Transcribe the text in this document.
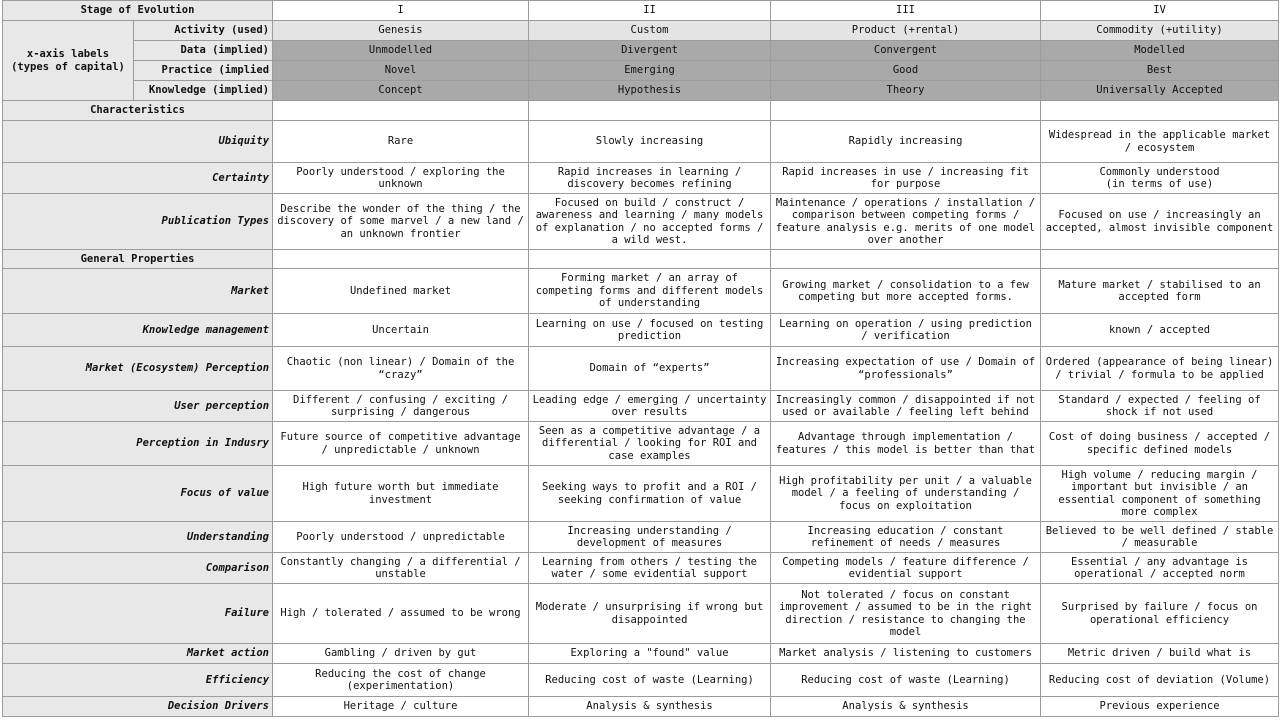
Stage of Evolution		I	II	III	IV
x-axis labels
(types of capital)	Activity (used)	Genesis	Custom	Product (+rental)	Commodity (+utility)
	Data (implied)	Unmodelled	Divergent	Convergent	Modelled
	Practice (implied	Novel	Emerging	Good	Best
	Knowledge (implied)	Concept	Hypothesis	Theory	Universally Accepted
Characteristics					
Ubiquity		Rare	Slowly increasing	Rapidly increasing	Widespread in the applicable market / ecosystem
Certainty		Poorly understood / exploring the unknown	Rapid increases in learning / discovery becomes refining	Rapid increases in use / increasing fit for purpose	Commonly understood
(in terms of use)
Publication Types		Describe the wonder of the thing / the discovery of some marvel / a new land / an unknown frontier	Focused on build / construct / awareness and learning / many models of explanation / no accepted forms / a wild west.	Maintenance / operations / installation / comparison between competing forms / feature analysis e.g. merits of one model over another	Focused on use / increasingly an accepted, almost invisible component
General Properties					
Market		Undefined market	Forming market / an array of competing forms and different models of understanding	Growing market / consolidation to a few competing but more accepted forms.	Mature market / stabilised to an accepted form
Knowledge management		Uncertain	Learning on use / focused on testing prediction	Learning on operation / using prediction / verification	known / accepted
Market (Ecosystem) Perception		Chaotic (non linear) / Domain of the “crazy”	Domain of “experts”	Increasing expectation of use / Domain of “professionals”	Ordered (appearance of being linear) / trivial / formula to be applied
User perception		Different / confusing / exciting / surprising / dangerous	Leading edge / emerging / uncertainty over results	Increasingly common / disappointed if not used or available / feeling left behind	Standard / expected / feeling of shock if not used
Perception in Indusry		Future source of competitive advantage / unpredictable / unknown	Seen as a competitive advantage / a differential / looking for ROI and case examples	Advantage through implementation / features / this model is better than that	Cost of doing business / accepted / specific defined models
Focus of value		High future worth but immediate investment	Seeking ways to profit and a ROI / seeking confirmation of value	High profitability per unit / a valuable model / a feeling of understanding / focus on exploitation	High volume / reducing margin / important but invisible / an essential component of something more complex
Understanding		Poorly understood / unpredictable	Increasing understanding / development of measures	Increasing education / constant refinement of needs / measures	Believed to be well defined / stable / measurable
Comparison		Constantly changing / a differential / unstable	Learning from others / testing the water / some evidential support	Competing models / feature difference / evidential support	Essential / any advantage is operational / accepted norm
Failure		High / tolerated / assumed to be wrong	Moderate / unsurprising if wrong but disappointed	Not tolerated / focus on constant improvement / assumed to be in the right direction / resistance to changing the model	Surprised by failure / focus on operational efficiency
Market action		Gambling / driven by gut	Exploring a "found" value	Market analysis / listening to customers	Metric driven / build what is
Efficiency		Reducing the cost of change (experimentation)	Reducing cost of waste (Learning)	Reducing cost of waste (Learning)	Reducing cost of deviation (Volume)
Decision Drivers		Heritage / culture	Analysis & synthesis	Analysis & synthesis	Previous experience
